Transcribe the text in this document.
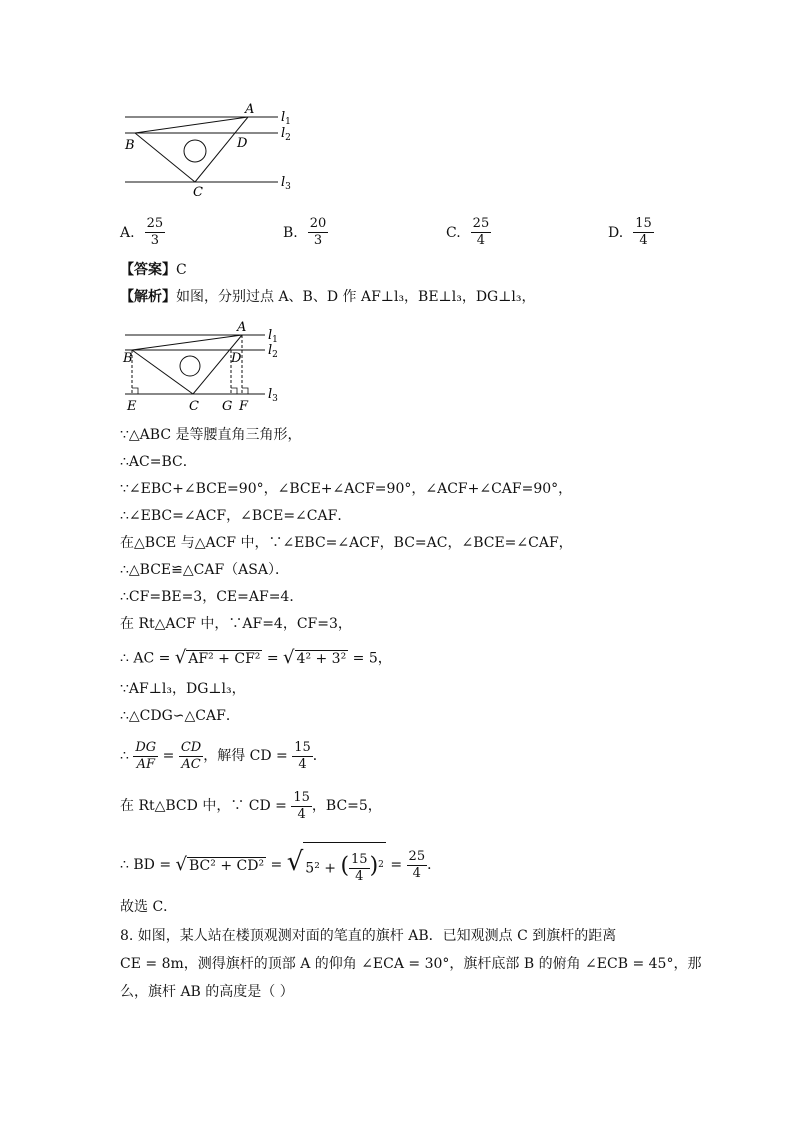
A
B	D
C
$l_1$
$l_2$
$l_3$
A. $\frac{25}{3}$	B. $\frac{20}{3}$	C. $\frac{25}{4}$	D. $\frac{15}{4}$
【答案】C
【解析】如图，分别过点 A、B、D 作 AF⊥l₃，BE⊥l₃，DG⊥l₃，
A
B	D
E	C G F
$l_1$
$l_2$
$l_3$
∵△ABC 是等腰直角三角形，
∴AC=BC．
∵∠EBC+∠BCE=90°，∠BCE+∠ACF=90°，∠ACF+∠CAF=90°，
∴∠EBC=∠ACF，∠BCE=∠CAF．
在△BCE 与△ACF 中，∵∠EBC=∠ACF，BC=AC，∠BCE=∠CAF，
∴△BCE≌△CAF（ASA）．
∴CF=BE=3，CE=AF=4．
在 Rt△ACF 中，∵AF=4，CF=3，
∴ AC = √ AF² + CF² = √ 4² + 3² = 5，
∵AF⊥l₃，DG⊥l₃，
∴△CDG∽△CAF．
∴ $\frac{DG}{AF} = \frac{CD}{AC}$ ，解得 CD = $\frac{15}{4}$ ．
在 Rt△BCD 中，∵ CD = $\frac{15}{4}$ ，BC=5，
∴ BD = √ BC² + CD² = √ 5² + ( $\frac{15}{4} )^2 = \frac{25}{4}$ ．
故选 C．
8. 如图，某人站在楼顶观测对面的笔直的旗杆 AB．已知观测点 C 到旗杆的距离
CE = 8m，测得旗杆的顶部 A 的仰角 ∠ECA = 30°，旗杆底部 B 的俯角 ∠ECB = 45°，那
么，旗杆 AB 的高度是（ ）
